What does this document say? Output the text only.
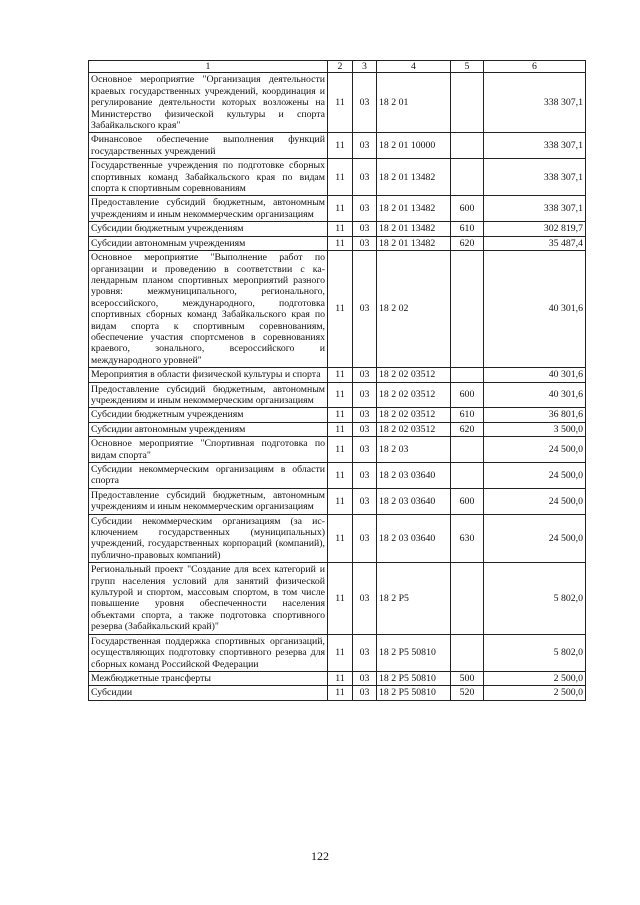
1	2	3	4	5	6
Основное мероприятие "Организация деятельности краевых государственных учреждений, координация и регулирование деятельности которых возложены на Министерство физической культуры и спорта Забайкальского края"	11	03	18 2 01		338 307,1
Финансовое обеспечение выполнения функций государственных учреждений	11	03	18 2 01 10000		338 307,1
Государственные учреждения по подготовке сборных спортивных команд Забайкальского края по видам спорта к спортивным соревнованиям	11	03	18 2 01 13482		338 307,1
Предоставление субсидий бюджетным, автономным учреждениям и иным некоммерческим организациям	11	03	18 2 01 13482	600	338 307,1
Субсидии бюджетным учреждениям	11	03	18 2 01 13482	610	302 819,7
Субсидии автономным учреждениям	11	03	18 2 01 13482	620	35 487,4
Основное мероприятие "Выполнение работ по организации и проведению в соответствии с календарным планом спортивных мероприятий разного уровня: межмуниципального, регионального, всероссийского, международного, подготовка спортивных сборных команд Забайкальского края по видам спорта к спортивным соревнованиям, обеспечение участия спортсменов в соревнованиях краевого, зонального, всероссийского и международного уровней"	11	03	18 2 02		40 301,6
Мероприятия в области физической культуры и спорта	11	03	18 2 02 03512		40 301,6
Предоставление субсидий бюджетным, автономным учреждениям и иным некоммерческим организациям	11	03	18 2 02 03512	600	40 301,6
Субсидии бюджетным учреждениям	11	03	18 2 02 03512	610	36 801,6
Субсидии автономным учреждениям	11	03	18 2 02 03512	620	3 500,0
Основное мероприятие "Спортивная подготовка по видам спорта"	11	03	18 2 03		24 500,0
Субсидии некоммерческим организациям в области спорта	11	03	18 2 03 03640		24 500,0
Предоставление субсидий бюджетным, автономным учреждениям и иным некоммерческим организациям	11	03	18 2 03 03640	600	24 500,0
Субсидии некоммерческим организациям (за исключением государственных (муниципальных) учреждений, государственных корпораций (компаний), публично-правовых компаний)	11	03	18 2 03 03640	630	24 500,0
Региональный проект "Создание для всех категорий и групп населения условий для занятий физической культурой и спортом, массовым спортом, в том числе повышение уровня обеспеченности населения объектами спорта, а также подготовка спортивного резерва (Забайкальский край)"	11	03	18 2 P5		5 802,0
Государственная поддержка спортивных организаций, осуществляющих подготовку спортивного резерва для сборных команд Российской Федерации	11	03	18 2 P5 50810		5 802,0
Межбюджетные трансферты	11	03	18 2 P5 50810	500	2 500,0
Субсидии	11	03	18 2 P5 50810	520	2 500,0
122
